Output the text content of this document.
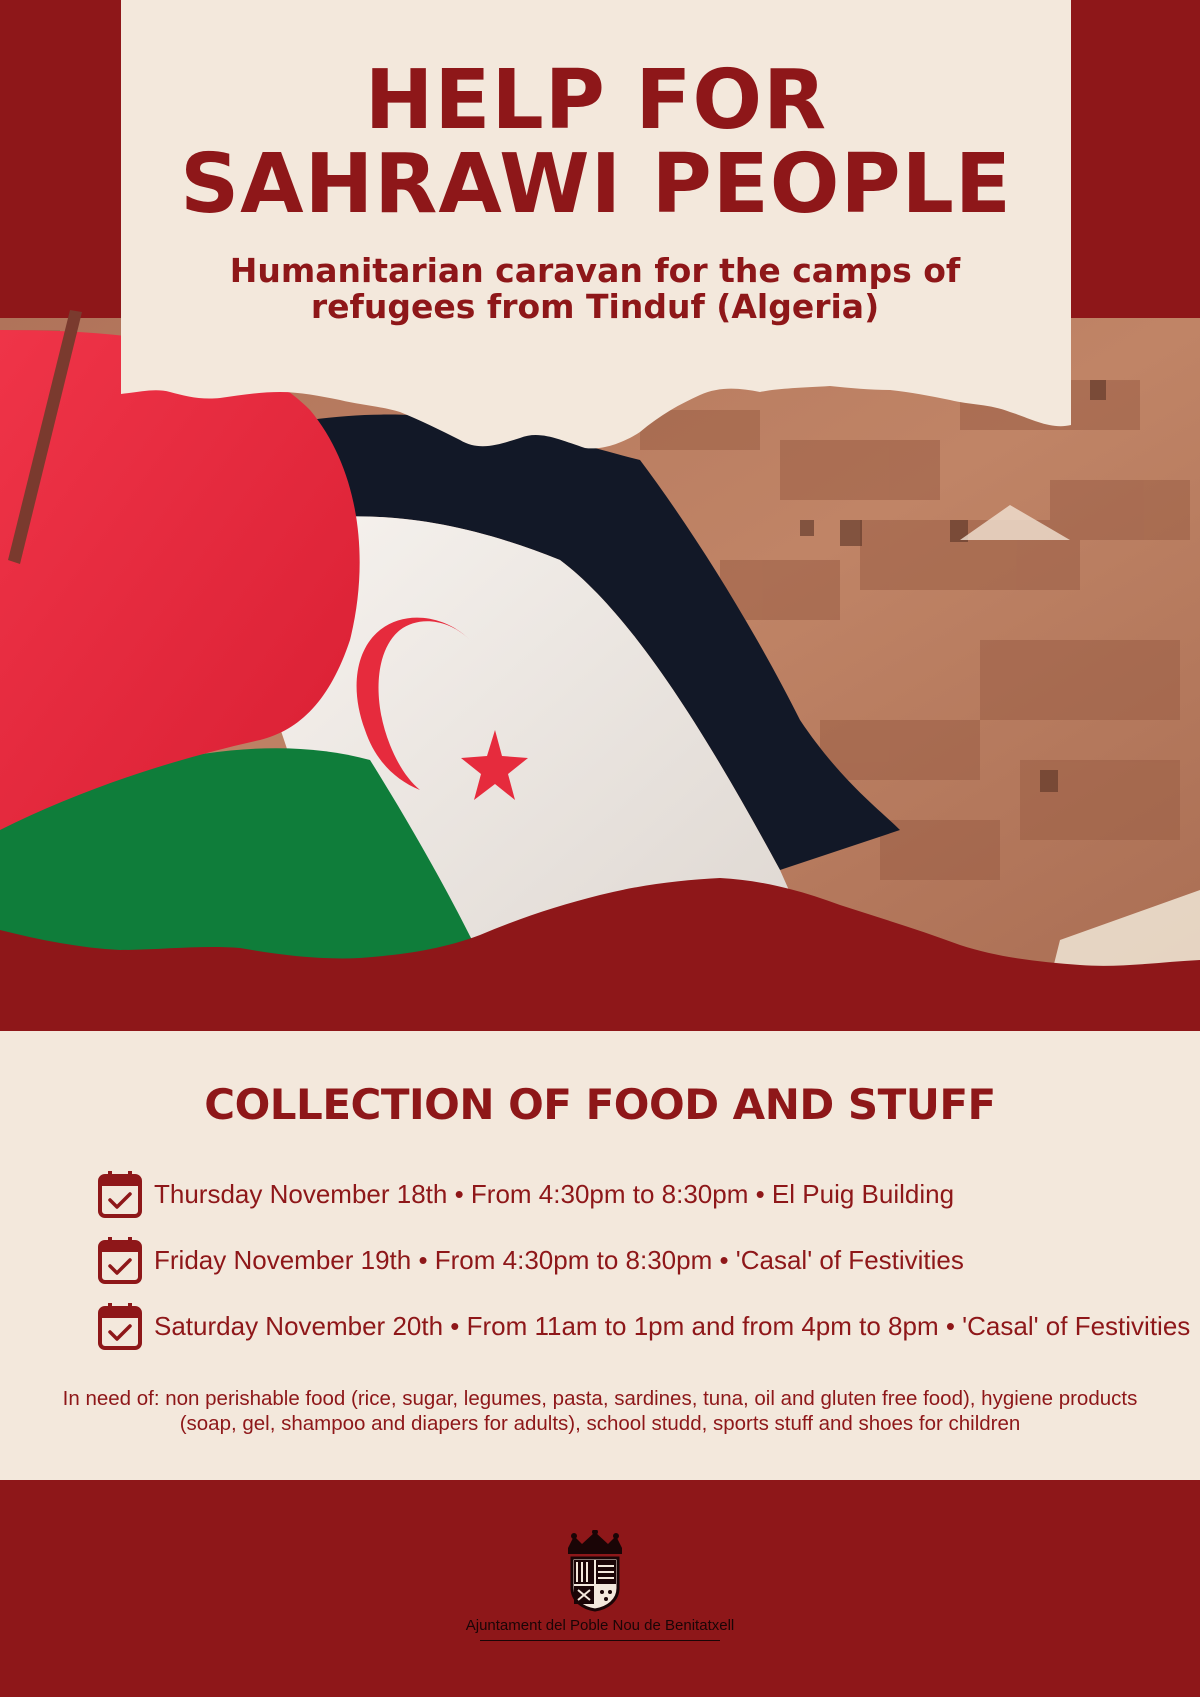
HELP FOR
SAHRAWI PEOPLE

Humanitarian caravan for the camps of refugees from Tinduf (Algeria)

COLLECTION OF FOOD AND STUFF
Thursday November 18th • From 4:30pm to 8:30pm • El Puig Building
Friday November 19th • From 4:30pm to 8:30pm • 'Casal' of Festivities
Saturday November 20th • From 11am to 1pm and from 4pm to 8pm • 'Casal' of Festivities

In need of: non perishable food (rice, sugar, legumes, pasta, sardines, tuna, oil and gluten free food), hygiene products (soap, gel, shampoo and diapers for adults), school studd, sports stuff and shoes for children

Ajuntament del Poble Nou de Benitatxell
